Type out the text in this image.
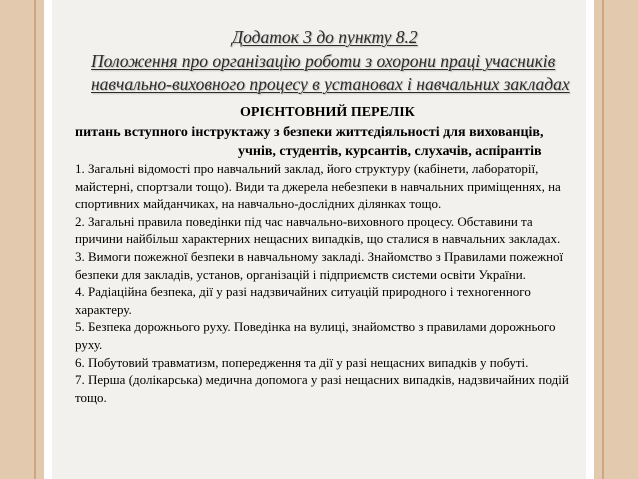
Додаток 3 до пункту 8.2

Положення про організацію роботи з охорони праці учасників

навчально-виховного процесу в установах і навчальних закладах

ОРІЄНТОВНИЙ ПЕРЕЛІК

питань вступного інструктажу з безпеки життєдіяльності для вихованців,

учнів, студентів, курсантів, слухачів, аспірантів

1. Загальні відомості про навчальний заклад, його структуру (кабінети, лабораторії,
майстерні, спортзали тощо). Види та джерела небезпеки в навчальних приміщеннях, на
спортивних майданчиках, на навчально-дослідних ділянках тощо.
2. Загальні правила поведінки під час навчально-виховного процесу. Обставини та
причини найбільш характерних нещасних випадків, що сталися в навчальних закладах.
3. Вимоги пожежної безпеки в навчальному закладі. Знайомство з Правилами пожежної
безпеки для закладів, установ, організацій і підприємств системи освіти України.
4. Радіаційна безпека, дії у разі надзвичайних ситуацій природного і техногенного
характеру.
5. Безпека дорожнього руху. Поведінка на вулиці, знайомство з правилами дорожнього
руху.
6. Побутовий травматизм, попередження та дії у разі нещасних випадків у побуті.
7. Перша (долікарська) медична допомога у разі нещасних випадків, надзвичайних подій
тощо.
